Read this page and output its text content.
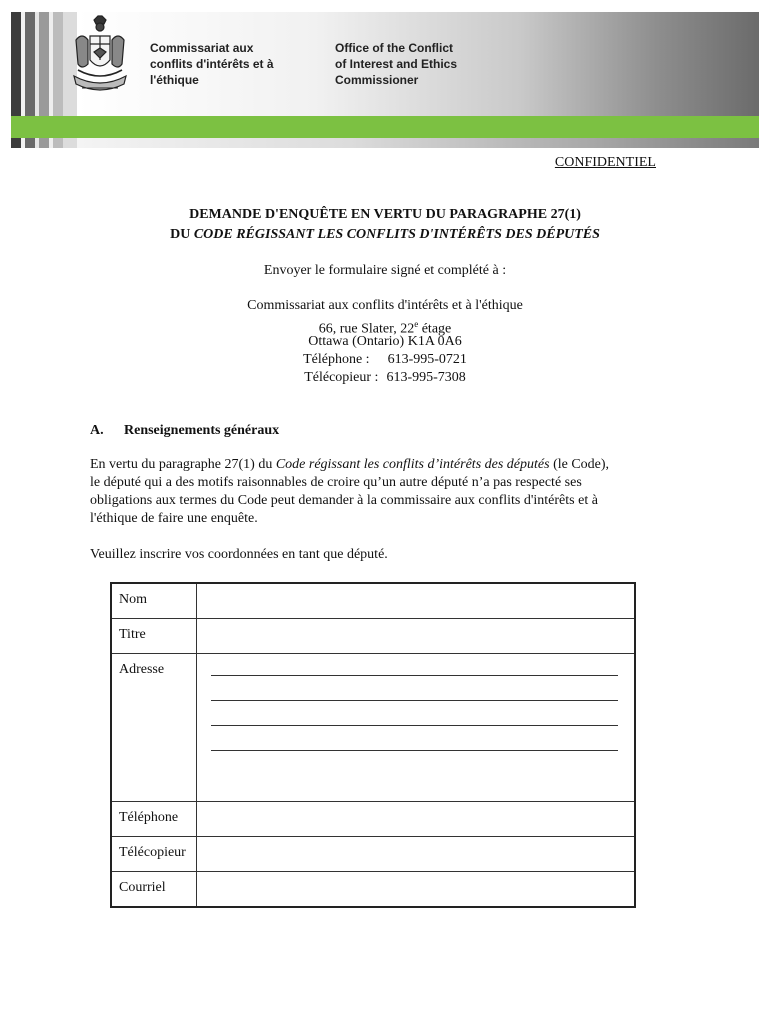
Commissariat aux
conflits d'intérêts et à
l'éthique
Office of the Conflict
of Interest and Ethics
Commissioner
CONFIDENTIEL
DEMANDE D'ENQUÊTE EN VERTU DU PARAGRAPHE 27(1)
DU CODE RÉGISSANT LES CONFLITS D'INTÉRÊTS DES DÉPUTÉS
Envoyer le formulaire signé et complété à :
Commissariat aux conflits d'intérêts et à l'éthique
66, rue Slater, 22e étage
Ottawa (Ontario) K1A 0A6
Téléphone : 613-995-0721
Télécopieur : 613-995-7308
A. Renseignements généraux
En vertu du paragraphe 27(1) du Code régissant les conflits d’intérêts des députés (le Code),
le député qui a des motifs raisonnables de croire qu’un autre député n’a pas respecté ses
obligations aux termes du Code peut demander à la commissaire aux conflits d'intérêts et à
l'éthique de faire une enquête.
Veuillez inscrire vos coordonnées en tant que député.
Nom	
Titre	
Adresse	

Téléphone	
Télécopieur	
Courriel	
